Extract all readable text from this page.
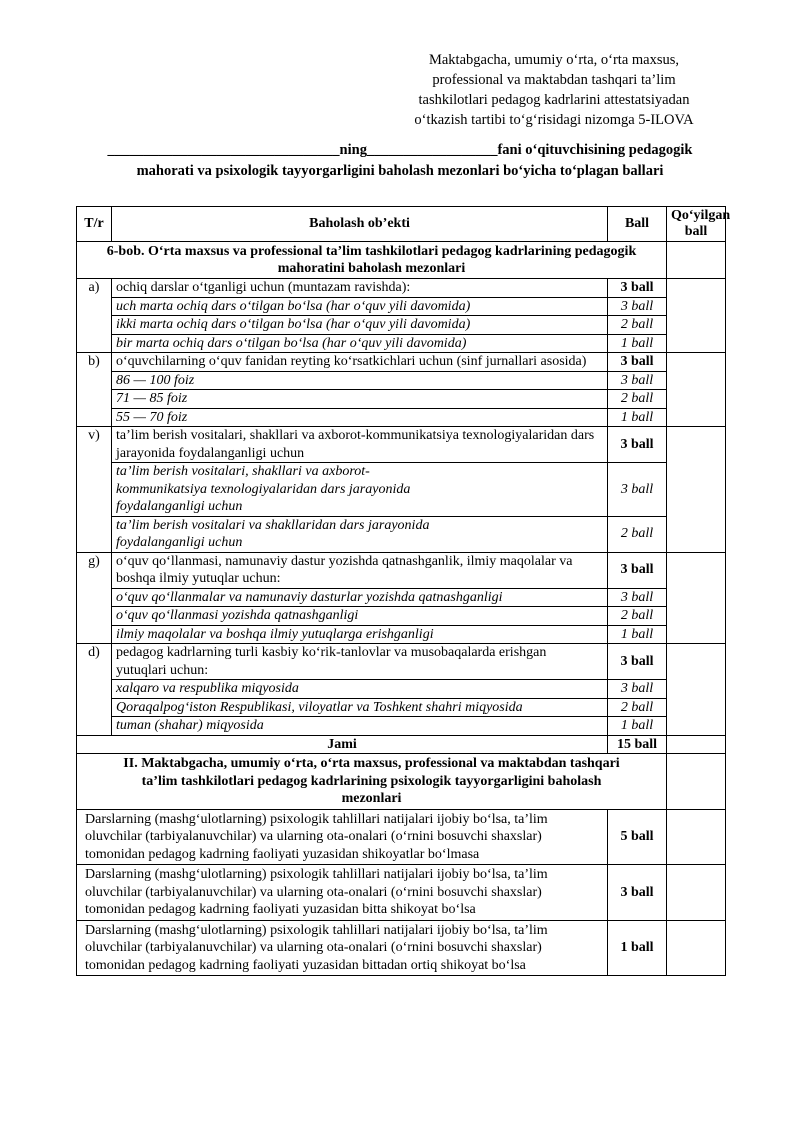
Maktabgacha, umumiy o‘rta, o‘rta maxsus,
professional va maktabdan tashqari ta’lim
tashkilotlari pedagog kadrlarini attestatsiyadan
o‘tkazish tartibi to‘g‘risidagi nizomga 5-ILOVA
________________________________ning__________________fani o‘qituvchisining pedagogik
mahorati va psixologik tayyorgarligini baholash mezonlari bo‘yicha to‘plagan ballari
T/r	Baholash ob’ekti	Ball	Qo‘yilgan ball
6-bob. O‘rta maxsus va professional ta’lim tashkilotlari pedagog kadrlarining pedagogik mahoratini baholash mezonlari			
a)	ochiq darslar o‘tganligi uchun (muntazam ravishda):	3 ball	
	uch marta ochiq dars o‘tilgan bo‘lsa (har o‘quv yili davomida)	3 ball	
	ikki marta ochiq dars o‘tilgan bo‘lsa (har o‘quv yili davomida)	2 ball	
	bir marta ochiq dars o‘tilgan bo‘lsa (har o‘quv yili davomida)	1 ball	
b)	o‘quvchilarning o‘quv fanidan reyting ko‘rsatkichlari uchun (sinf jurnallari asosida)	3 ball	
	86 — 100 foiz	3 ball	
	71 — 85 foiz	2 ball	
	55 — 70 foiz	1 ball	
v)	ta’lim berish vositalari, shakllari va axborot-kommunikatsiya texnologiyalaridan dars jarayonida foydalanganligi uchun	3 ball	
	ta’lim berish vositalari, shakllari va axborot-kommunikatsiya texnologiyalaridan dars jarayonida foydalanganligi uchun	3 ball	
	ta’lim berish vositalari va shakllaridan dars jarayonida foydalanganligi uchun	2 ball	
g)	o‘quv qo‘llanmasi, namunaviy dastur yozishda qatnashganlik, ilmiy maqolalar va boshqa ilmiy yutuqlar uchun:	3 ball	
	o‘quv qo‘llanmalar va namunaviy dasturlar yozishda qatnashganligi	3 ball	
	o‘quv qo‘llanmasi yozishda qatnashganligi	2 ball	
	ilmiy maqolalar va boshqa ilmiy yutuqlarga erishganligi	1 ball	
d)	pedagog kadrlarning turli kasbiy ko‘rik-tanlovlar va musobaqalarda erishgan yutuqlari uchun:	3 ball	
	xalqaro va respublika miqyosida	3 ball	
	Qoraqalpog‘iston Respublikasi, viloyatlar va Toshkent shahri miqyosida	2 ball	
	tuman (shahar) miqyosida	1 ball	
Jami		15 ball	
II. Maktabgacha, umumiy o‘rta, o‘rta maxsus, professional va maktabdan tashqari ta’lim tashkilotlari pedagog kadrlarining psixologik tayyorgarligini baholash mezonlari			
Darslarning (mashg‘ulotlarning) psixologik tahlillari natijalari ijobiy bo‘lsa, ta’lim oluvchilar (tarbiyalanuvchilar) va ularning ota-onalari (o‘rnini bosuvchi shaxslar) tomonidan pedagog kadrning faoliyati yuzasidan shikoyatlar bo‘lmasa		5 ball	
Darslarning (mashg‘ulotlarning) psixologik tahlillari natijalari ijobiy bo‘lsa, ta’lim oluvchilar (tarbiyalanuvchilar) va ularning ota-onalari (o‘rnini bosuvchi shaxslar) tomonidan pedagog kadrning faoliyati yuzasidan bitta shikoyat bo‘lsa		3 ball	
Darslarning (mashg‘ulotlarning) psixologik tahlillari natijalari ijobiy bo‘lsa, ta’lim oluvchilar (tarbiyalanuvchilar) va ularning ota-onalari (o‘rnini bosuvchi shaxslar) tomonidan pedagog kadrning faoliyati yuzasidan bittadan ortiq shikoyat bo‘lsa		1 ball	
